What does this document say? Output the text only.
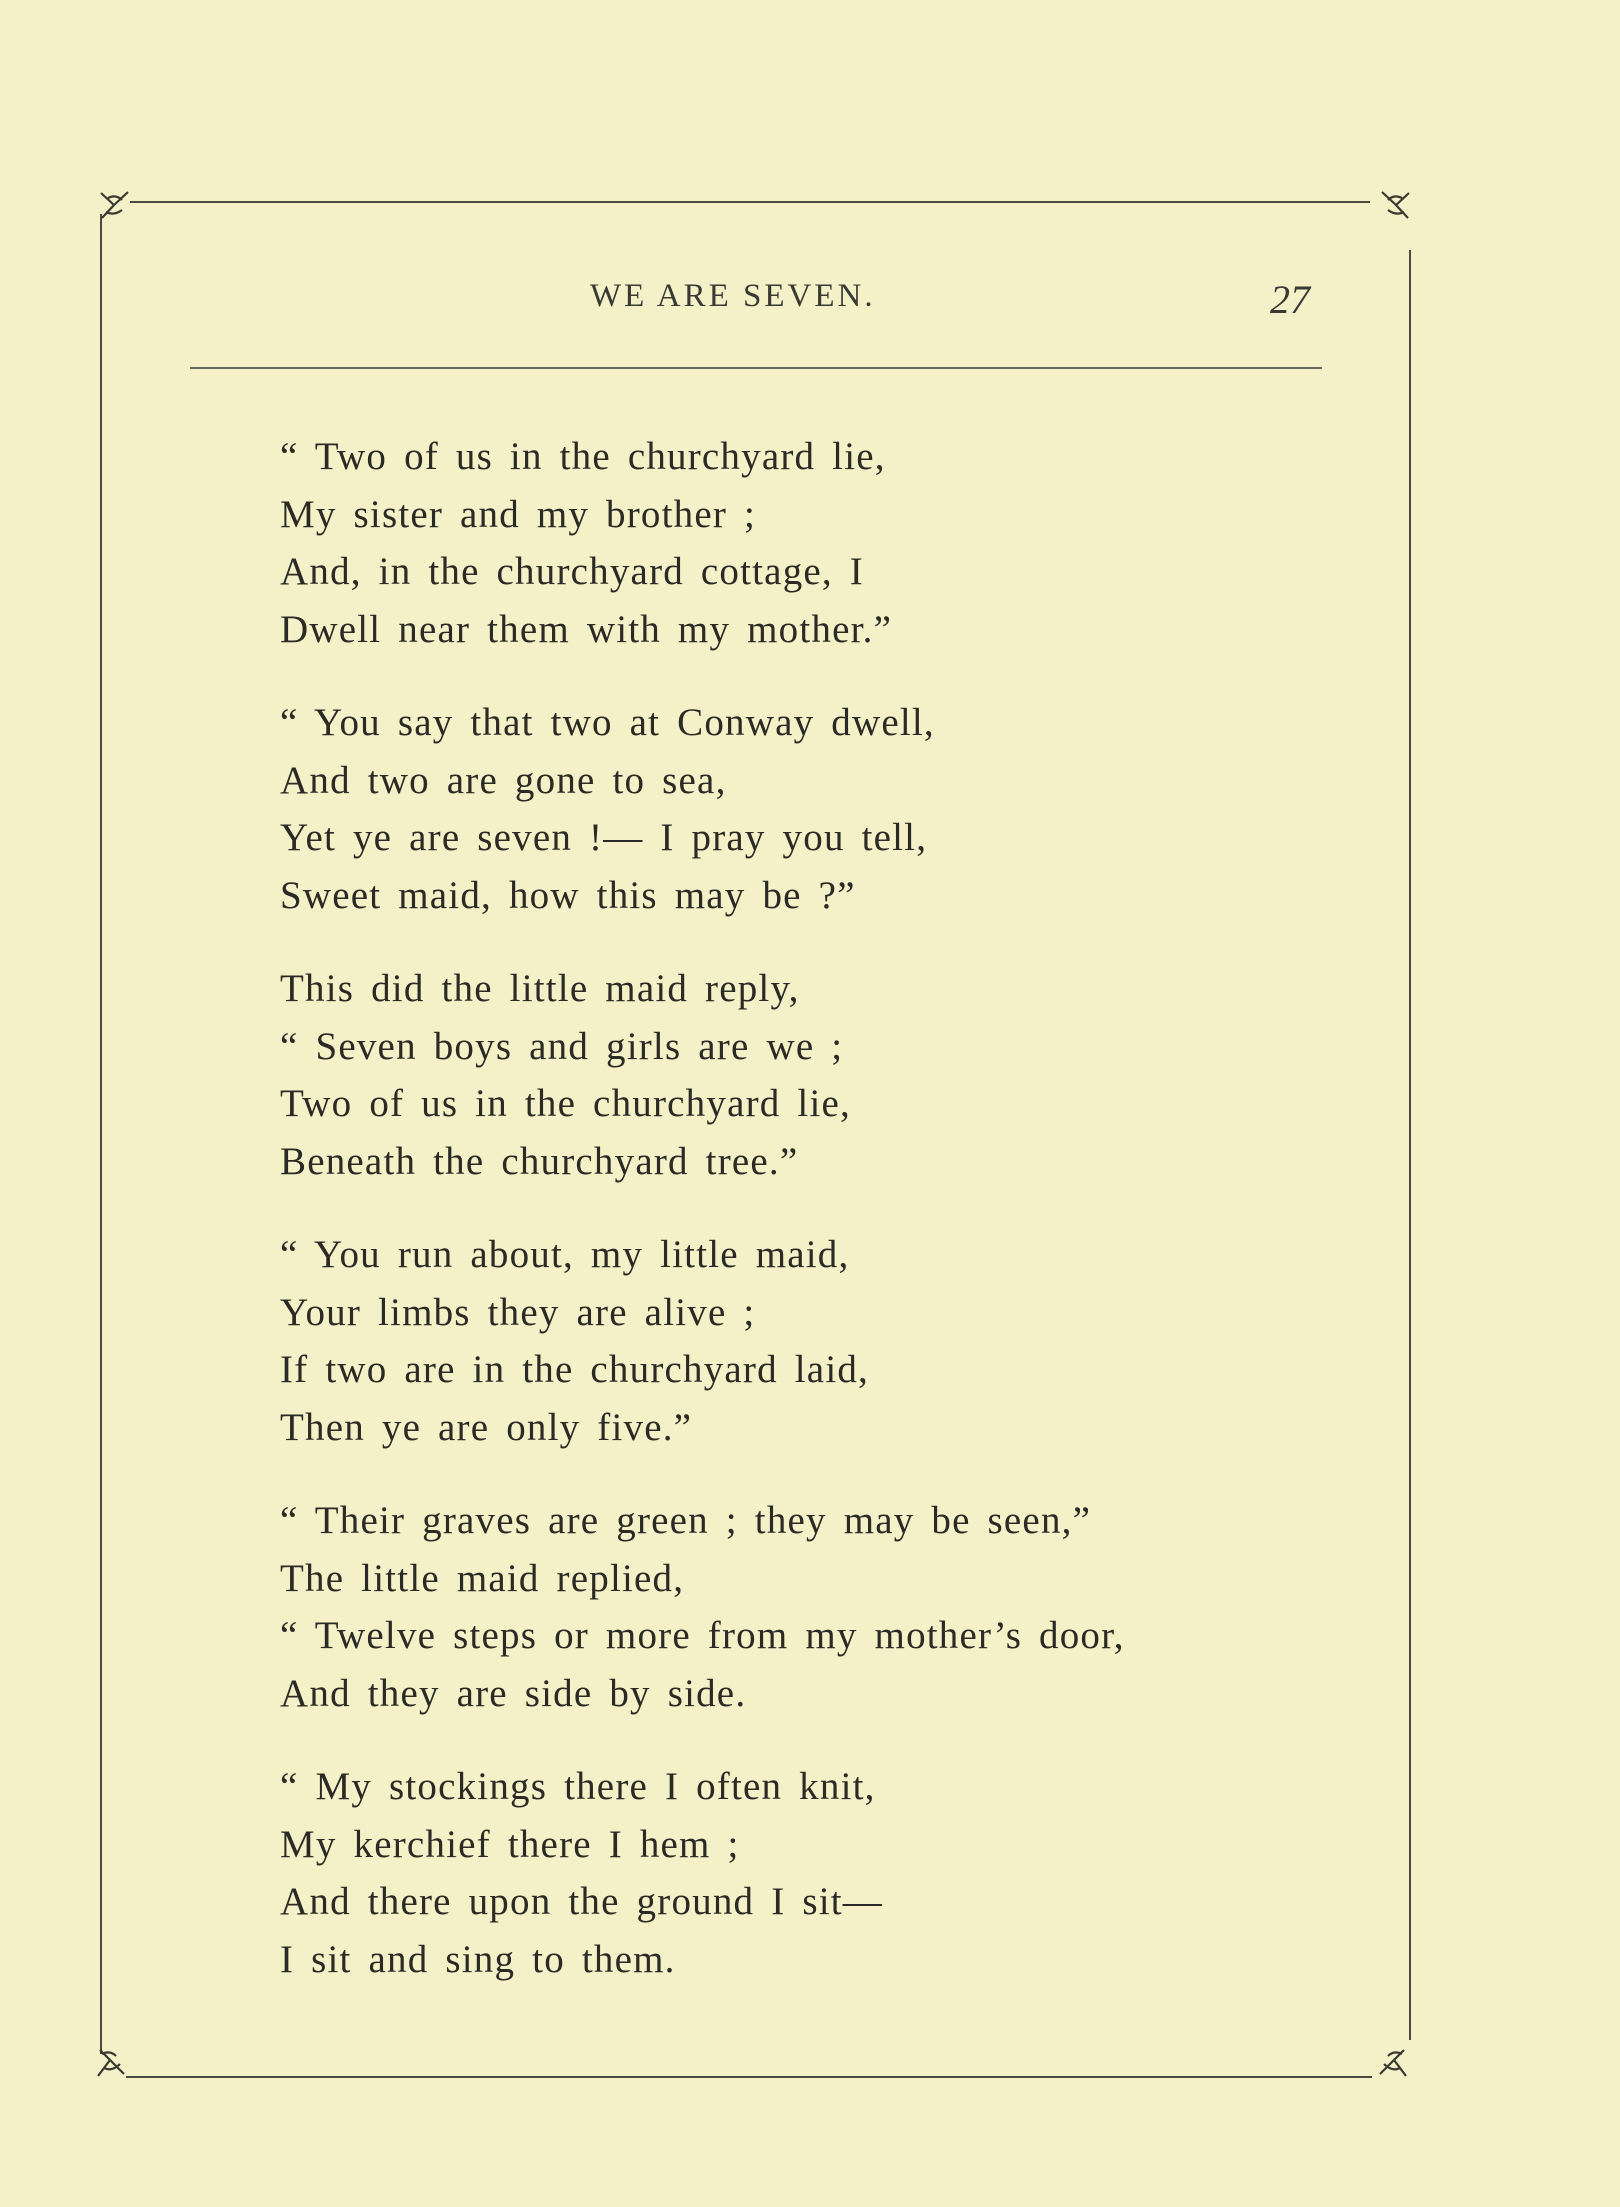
WE ARE SEVEN.	27
“ Two of us in the churchyard lie,
My sister and my brother ;
And, in the churchyard cottage, I
Dwell near them with my mother.”
“ You say that two at Conway dwell,
And two are gone to sea,
Yet ye are seven !— I pray you tell,
Sweet maid, how this may be ?”
This did the little maid reply,
“ Seven boys and girls are we ;
Two of us in the churchyard lie,
Beneath the churchyard tree.”
“ You run about, my little maid,
Your limbs they are alive ;
If two are in the churchyard laid,
Then ye are only five.”
“ Their graves are green ; they may be seen,”
The little maid replied,
“ Twelve steps or more from my mother’s door,
And they are side by side.
“ My stockings there I often knit,
My kerchief there I hem ;
And there upon the ground I sit—
I sit and sing to them.
